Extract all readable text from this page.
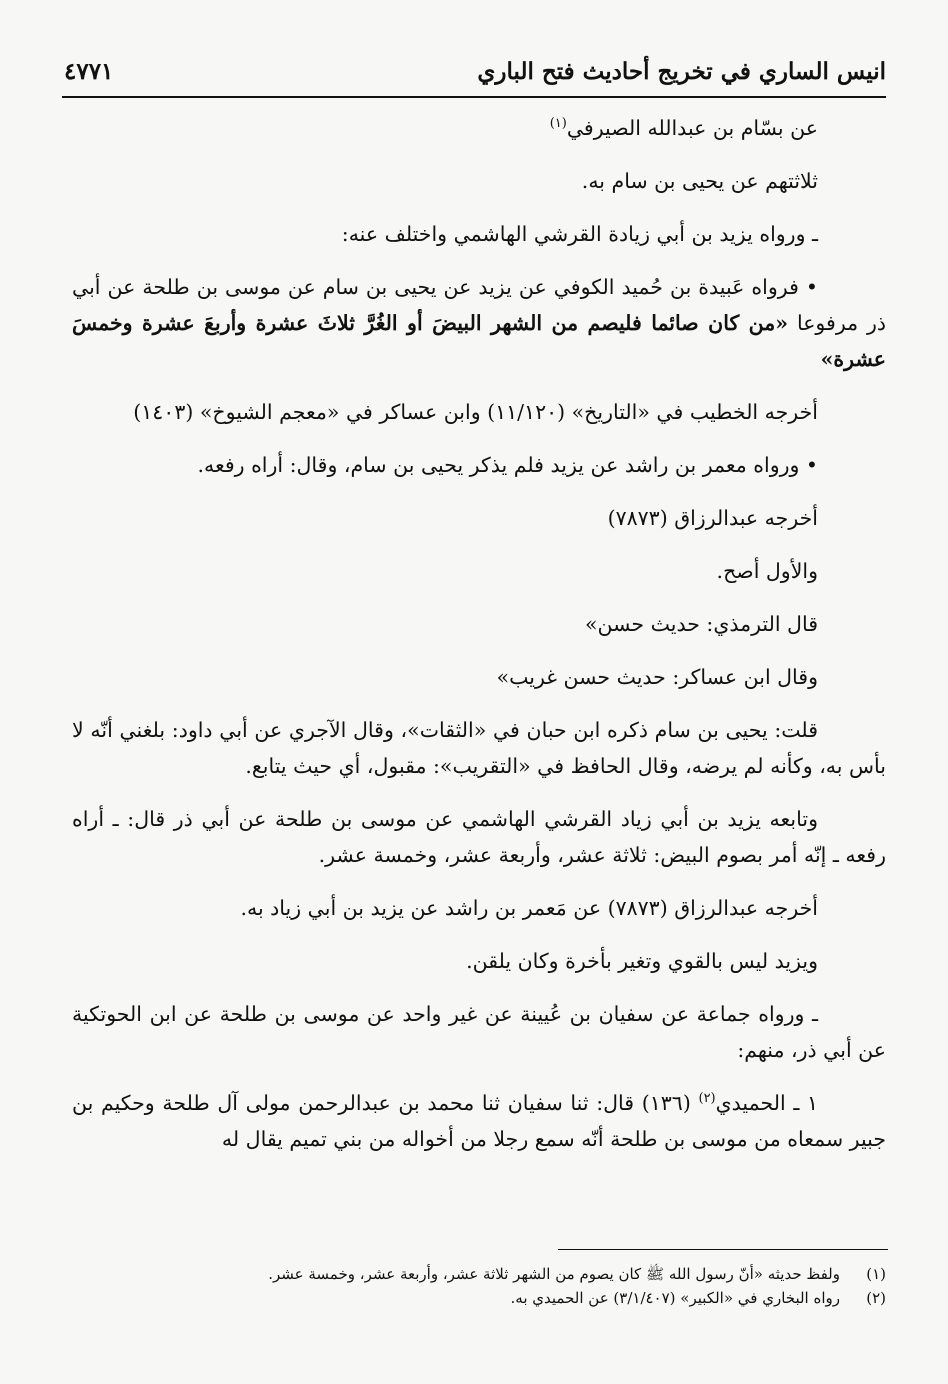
انيس الساري في تخريج أحاديث فتح الباري
٤٧٧١

عن بسّام بن عبدالله الصيرفي$^{(١)}$

ثلاثتهم عن يحيى بن سام به.

ـ ورواه يزيد بن أبي زيادة القرشي الهاشمي واختلف عنه:

• فرواه عَبيدة بن حُميد الكوفي عن يزيد عن يحيى بن سام عن موسى بن طلحة عن أبي ذر مرفوعا «من كان صائما فليصم من الشهر البيضَ أو الغُرَّ ثلاثَ عشرة وأربعَ عشرة وخمسَ عشرة»

أخرجه الخطيب في «التاريخ» (١١/١٢٠) وابن عساكر في «معجم الشيوخ» (١٤٠٣)

• ورواه معمر بن راشد عن يزيد فلم يذكر يحيى بن سام، وقال: أراه رفعه.

أخرجه عبدالرزاق (٧٨٧٣)

والأول أصح.

قال الترمذي: حديث حسن»

وقال ابن عساكر: حديث حسن غريب»

قلت: يحيى بن سام ذكره ابن حبان في «الثقات»، وقال الآجري عن أبي داود: بلغني أنّه لا بأس به، وكأنه لم يرضه، وقال الحافظ في «التقريب»: مقبول، أي حيث يتابع.

وتابعه يزيد بن أبي زياد القرشي الهاشمي عن موسى بن طلحة عن أبي ذر قال: ـ أراه رفعه ـ إنّه أمر بصوم البيض: ثلاثة عشر، وأربعة عشر، وخمسة عشر.

أخرجه عبدالرزاق (٧٨٧٣) عن مَعمر بن راشد عن يزيد بن أبي زياد به.

ويزيد ليس بالقوي وتغير بأخرة وكان يلقن.

ـ ورواه جماعة عن سفيان بن عُيينة عن غير واحد عن موسى بن طلحة عن ابن الحوتكية عن أبي ذر، منهم:

١ ـ الحميدي$^{(٢)}$ (١٣٦) قال: ثنا سفيان ثنا محمد بن عبدالرحمن مولى آل طلحة وحكيم بن جبير سمعاه من موسى بن طلحة أنّه سمع رجلا من أخواله من بني تميم يقال له

(١)
ولفظ حديثه «أنّ رسول الله ﷺ كان يصوم من الشهر ثلاثة عشر، وأربعة عشر، وخمسة عشر.
(٢)
رواه البخاري في «الكبير» (٣/١/٤٠٧) عن الحميدي به.
